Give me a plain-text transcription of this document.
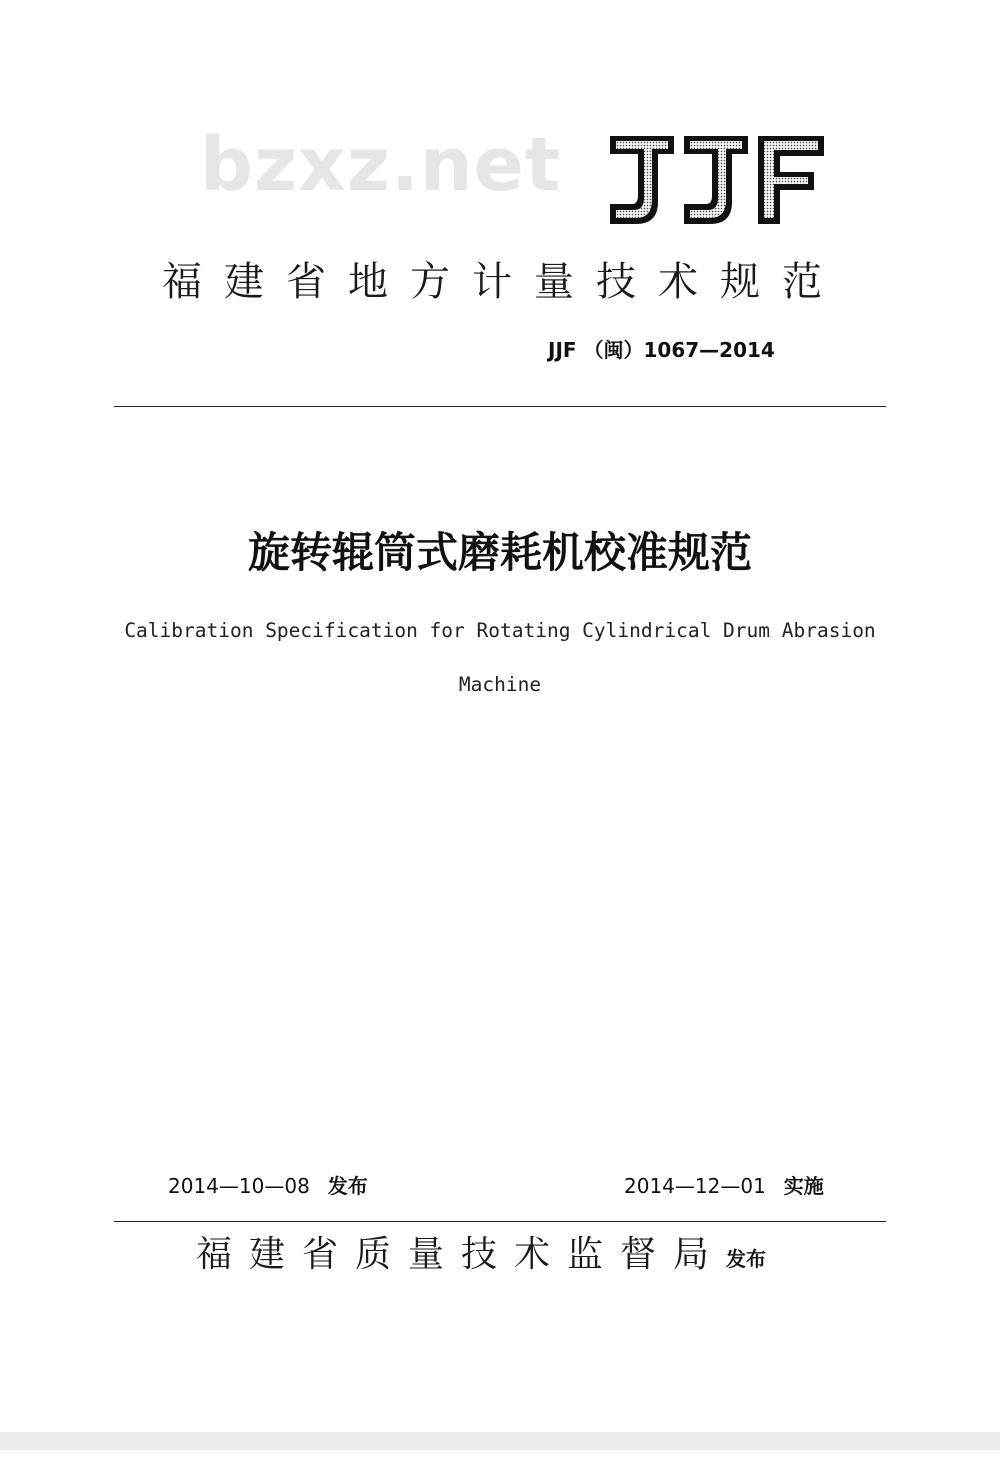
bzxz.net
福建省地方计量技术规范
JJF （闽）1067—2014
旋转辊筒式磨耗机校准规范
Calibration Specification for Rotating Cylindrical Drum Abrasion Machine
2014—10—08 发布	2014—12—01 实施
福建省质量技术监督局发布
